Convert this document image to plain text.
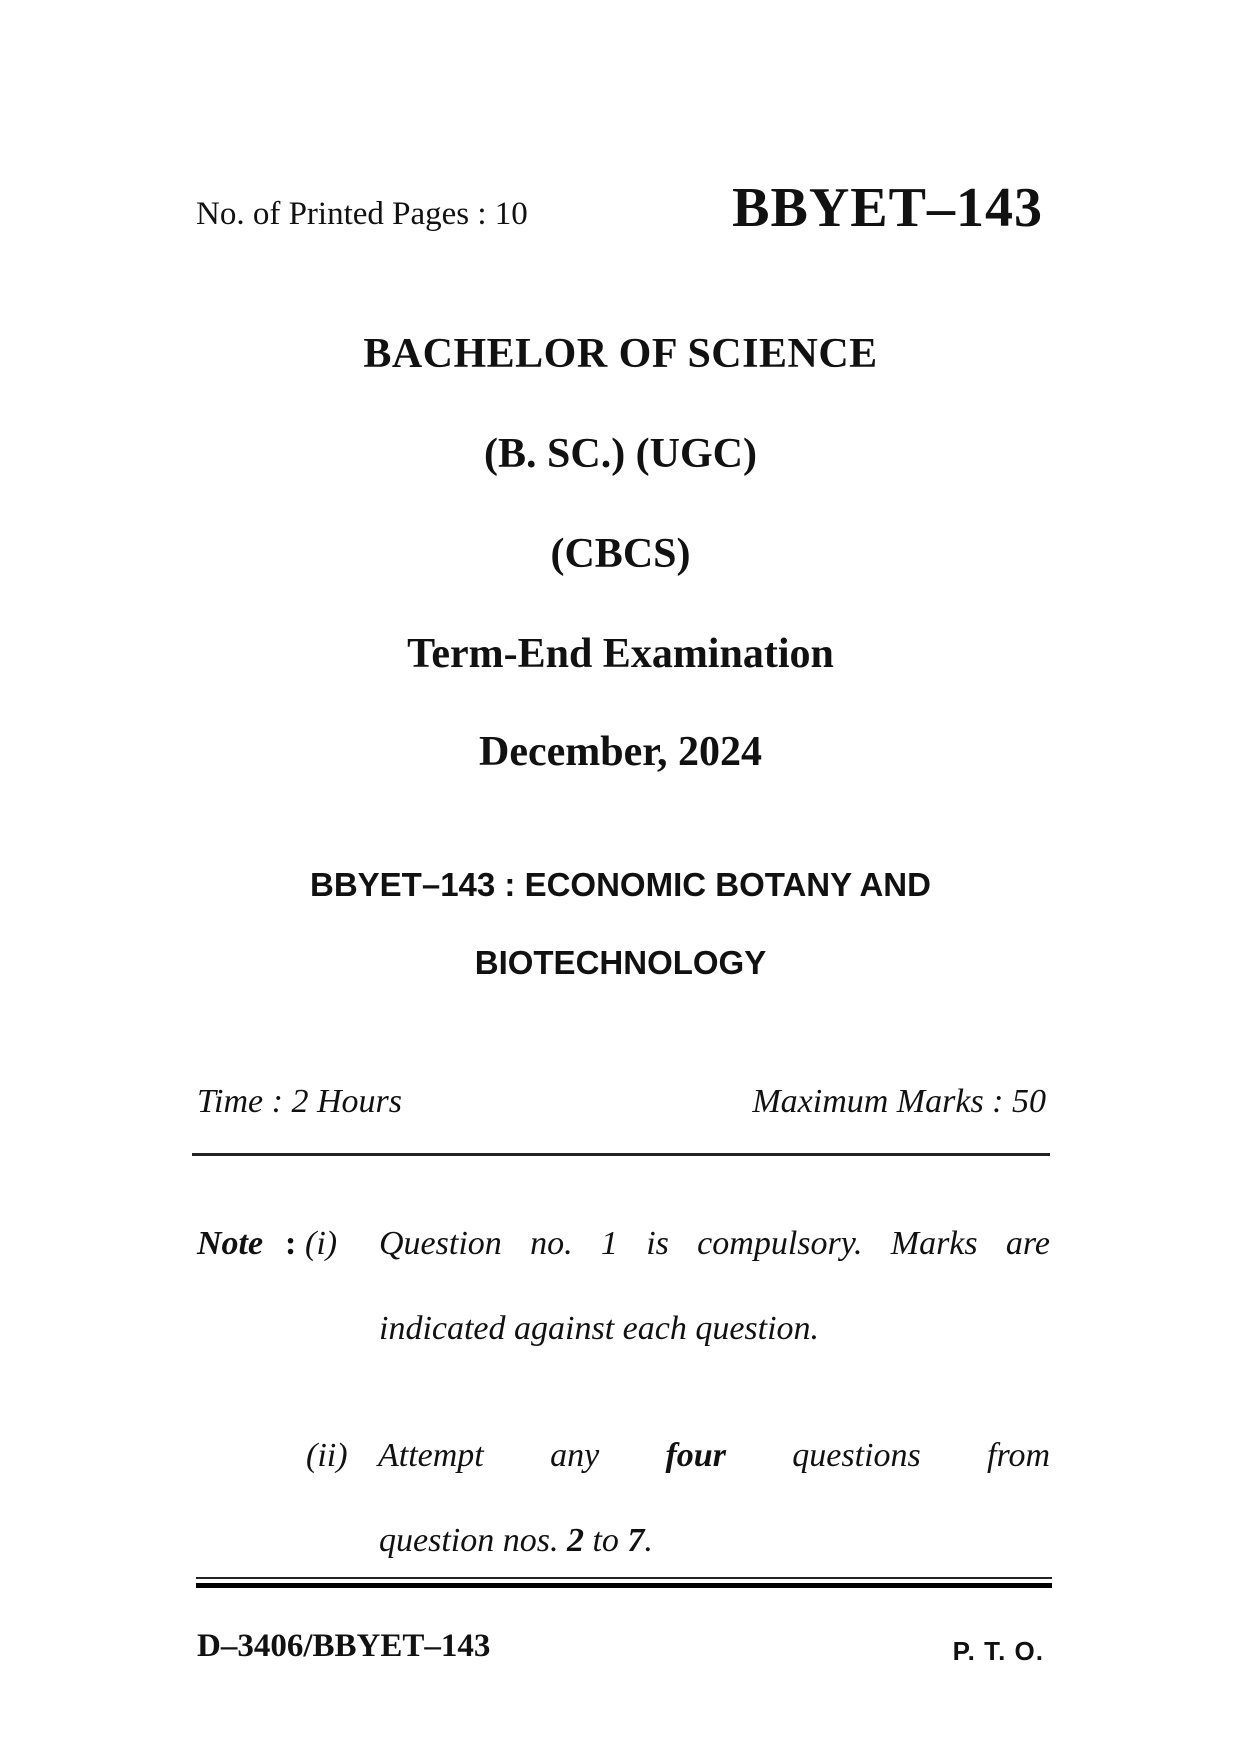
No. of Printed Pages : 10	BBYET–143
BACHELOR OF SCIENCE
(B. SC.) (UGC)
(CBCS)
Term-End Examination
December, 2024
BBYET–143 : ECONOMIC BOTANY AND
BIOTECHNOLOGY
Time : 2 Hours	Maximum Marks : 50
Note : (i) Question no. 1 is compulsory. Marks are
indicated against each question.
(ii) Attempt any four questions from
question nos. 2 to 7.
D–3406/BBYET–143	P. T. O.
